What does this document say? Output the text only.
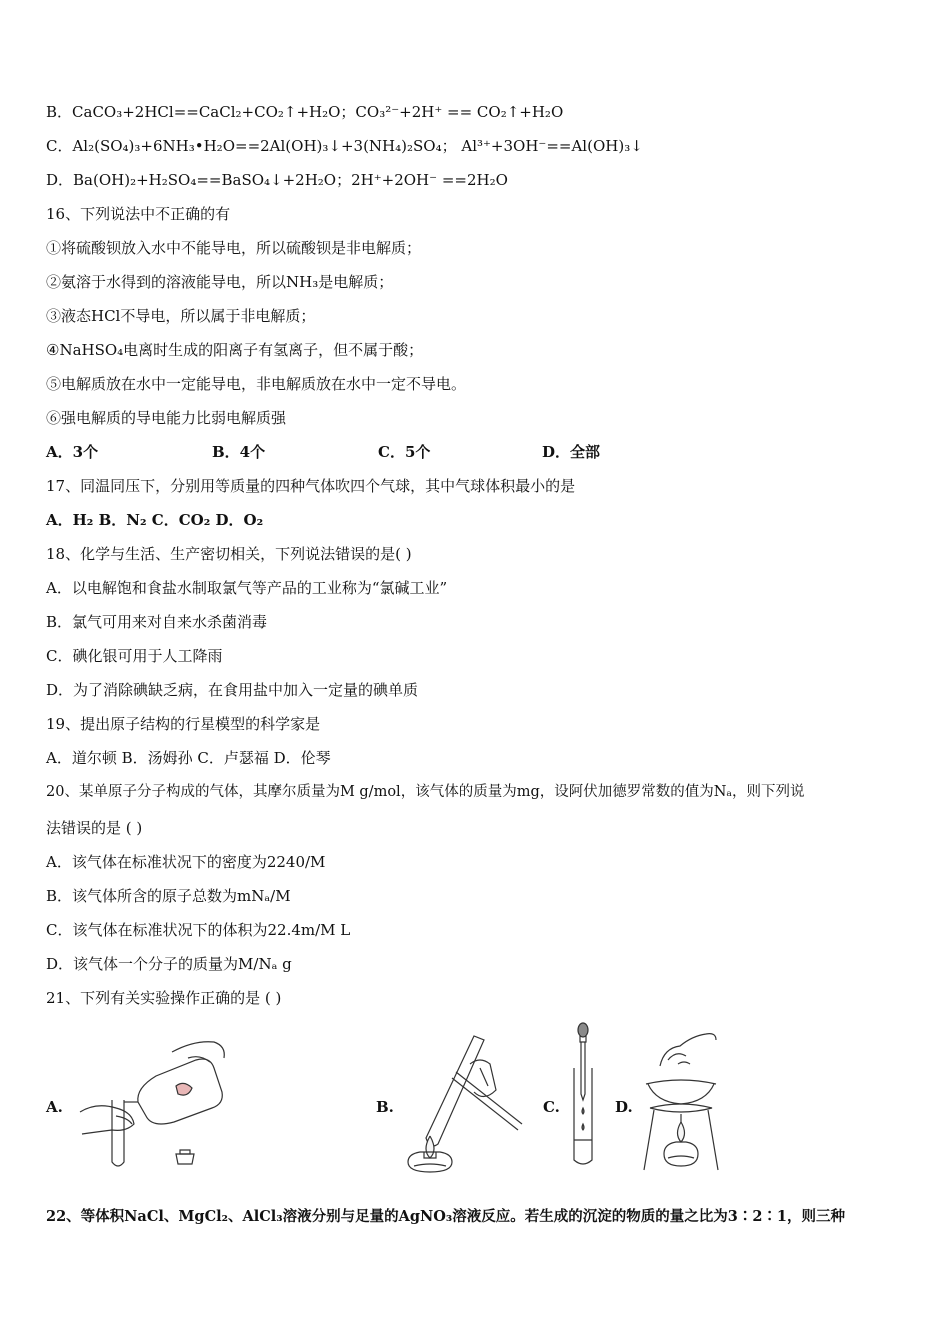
B．CaCO₃+2HCl==CaCl₂+CO₂↑+H₂O；CO₃²⁻+2H⁺ == CO₂↑+H₂O
C．Al₂(SO₄)₃+6NH₃•H₂O==2Al(OH)₃↓+3(NH₄)₂SO₄； Al³⁺+3OH⁻==Al(OH)₃↓
D．Ba(OH)₂+H₂SO₄==BaSO₄↓+2H₂O；2H⁺+2OH⁻ ==2H₂O
16、下列说法中不正确的有
①将硫酸钡放入水中不能导电，所以硫酸钡是非电解质；
②氨溶于水得到的溶液能导电，所以NH₃是电解质；
③液态HCl不导电，所以属于非电解质；
④NaHSO₄电离时生成的阳离子有氢离子，但不属于酸；
⑤电解质放在水中一定能导电，非电解质放在水中一定不导电。
⑥强电解质的导电能力比弱电解质强
A．3个	B．4个	C．5个	D．全部
17、同温同压下，分别用等质量的四种气体吹四个气球，其中气球体积最小的是
A．H₂ B．N₂ C．CO₂ D．O₂
18、化学与生活、生产密切相关，下列说法错误的是( )
A．以电解饱和食盐水制取氯气等产品的工业称为“氯碱工业”
B．氯气可用来对自来水杀菌消毒
C．碘化银可用于人工降雨
D．为了消除碘缺乏病，在食用盐中加入一定量的碘单质
19、提出原子结构的行星模型的科学家是
A．道尔顿 B．汤姆孙 C．卢瑟福 D．伦琴
20、某单原子分子构成的气体，其摩尔质量为M g/mol，该气体的质量为mg，设阿伏加德罗常数的值为Nₐ，则下列说
法错误的是 ( )
A．该气体在标准状况下的密度为2240/M
B．该气体所含的原子总数为mNₐ/M
C．该气体在标准状况下的体积为22.4m/M L
D．该气体一个分子的质量为M/Nₐ g
21、下列有关实验操作正确的是 ( )
A.	B.	C.	D.
22、等体积NaCl、MgCl₂、AlCl₃溶液分别与足量的AgNO₃溶液反应。若生成的沉淀的物质的量之比为3∶2∶1，则三种
